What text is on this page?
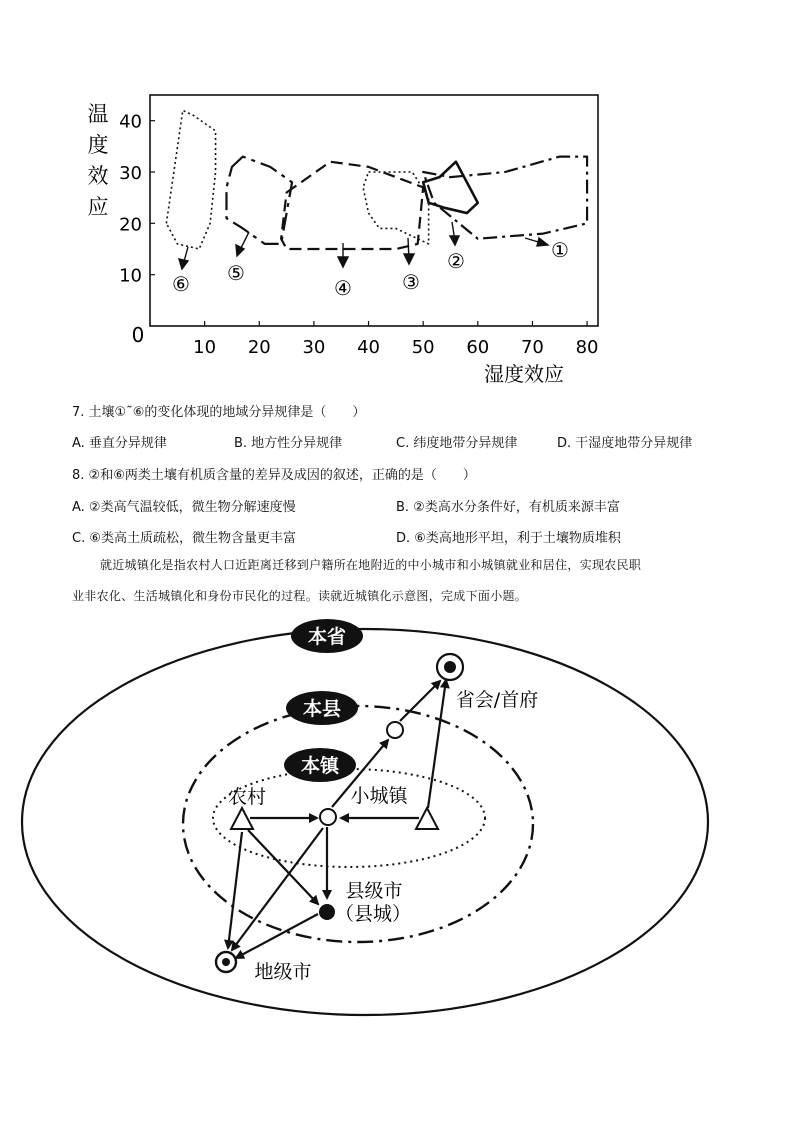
10 20 30 40 50 60 70 80
10
20
30
40
0
湿度效应
温
度
效
应
①
②
③
④
⑤
⑥
7. 土壤①˜⑥的变化体现的地域分异规律是（　　）
A. 垂直分异规律	B. 地方性分异规律	C. 纬度地带分异规律	D. 干湿度地带分异规律
8. ②和⑥两类土壤有机质含量的差异及成因的叙述，正确的是（　　）
A. ②类高气温较低，微生物分解速度慢	B. ②类高水分条件好，有机质来源丰富
C. ⑥类高土质疏松，微生物含量更丰富	D. ⑥类高地形平坦，利于土壤物质堆积
就近城镇化是指农村人口近距离迁移到户籍所在地附近的中小城市和小城镇就业和居住，实现农民职
业非农化、生活城镇化和身份市民化的过程。读就近城镇化示意图，完成下面小题。
本省
本县
本镇
农村	小城镇
省会/首府
县级市
（县城）
地级市
